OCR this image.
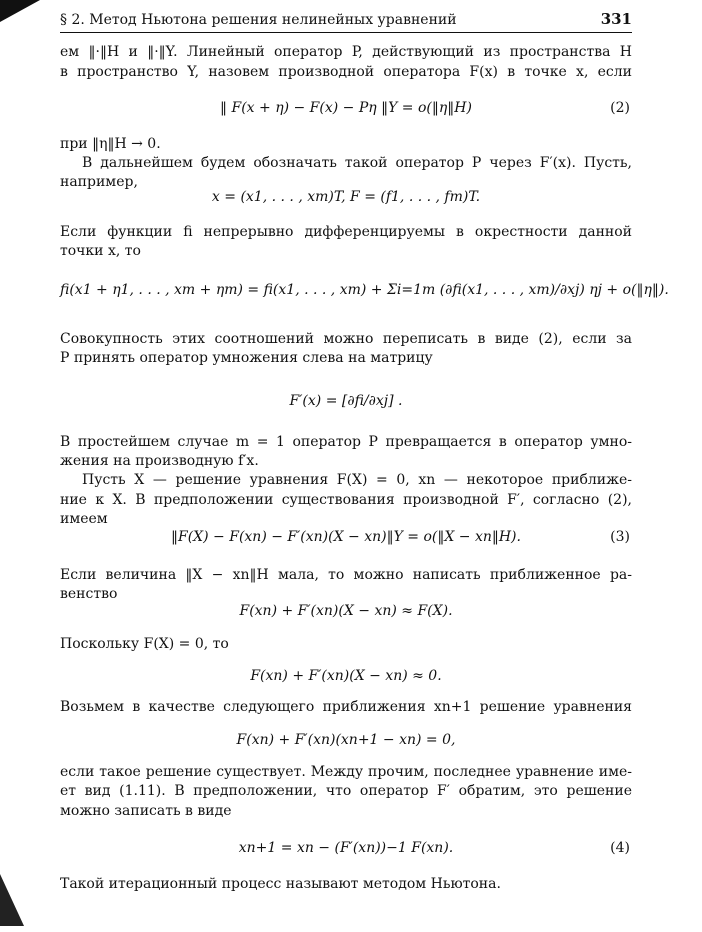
§ 2. Метод Ньютона решения нелинейных уравнений	331
ем ‖·‖H и ‖·‖Y. Линейный оператор P, действующий из пространства H
в пространство Y, назовем производной оператора F(x) в точке x, если
‖ F(x + η) − F(x) − Pη ‖Y = o(‖η‖H)	(2)
при ‖η‖H → 0.
В дальнейшем будем обозначать такой оператор P через F′(x). Пусть,
например,
x = (x1, . . . , xm)T, F = (f1, . . . , fm)T.
Если функции fi непрерывно дифференцируемы в окрестности данной
точки x, то
fi(x1 + η1, . . . , xm + ηm) = fi(x1, . . . , xm) + Σi=1m (∂fi(x1, . . . , xm)/∂xj) ηj + o(‖η‖).
Совокупность этих соотношений можно переписать в виде (2), если за
P принять оператор умножения слева на матрицу
F′(x) = [∂fi/∂xj] .
В простейшем случае m = 1 оператор P превращается в оператор умно-
жения на производную f′x.
Пусть X — решение уравнения F(X) = 0, xn — некоторое приближе-
ние к X. В предположении существования производной F′, согласно (2),
имеем
‖F(X) − F(xn) − F′(xn)(X − xn)‖Y = o(‖X − xn‖H).	(3)
Если величина ‖X − xn‖H мала, то можно написать приближенное ра-
венство
F(xn) + F′(xn)(X − xn) ≈ F(X).
Поскольку F(X) = 0, то
F(xn) + F′(xn)(X − xn) ≈ 0.
Возьмем в качестве следующего приближения xn+1 решение уравнения
F(xn) + F′(xn)(xn+1 − xn) = 0,
если такое решение существует. Между прочим, последнее уравнение име-
ет вид (1.11). В предположении, что оператор F′ обратим, это решение
можно записать в виде
xn+1 = xn − (F′(xn))−1 F(xn).	(4)
Такой итерационный процесс называют методом Ньютона.
